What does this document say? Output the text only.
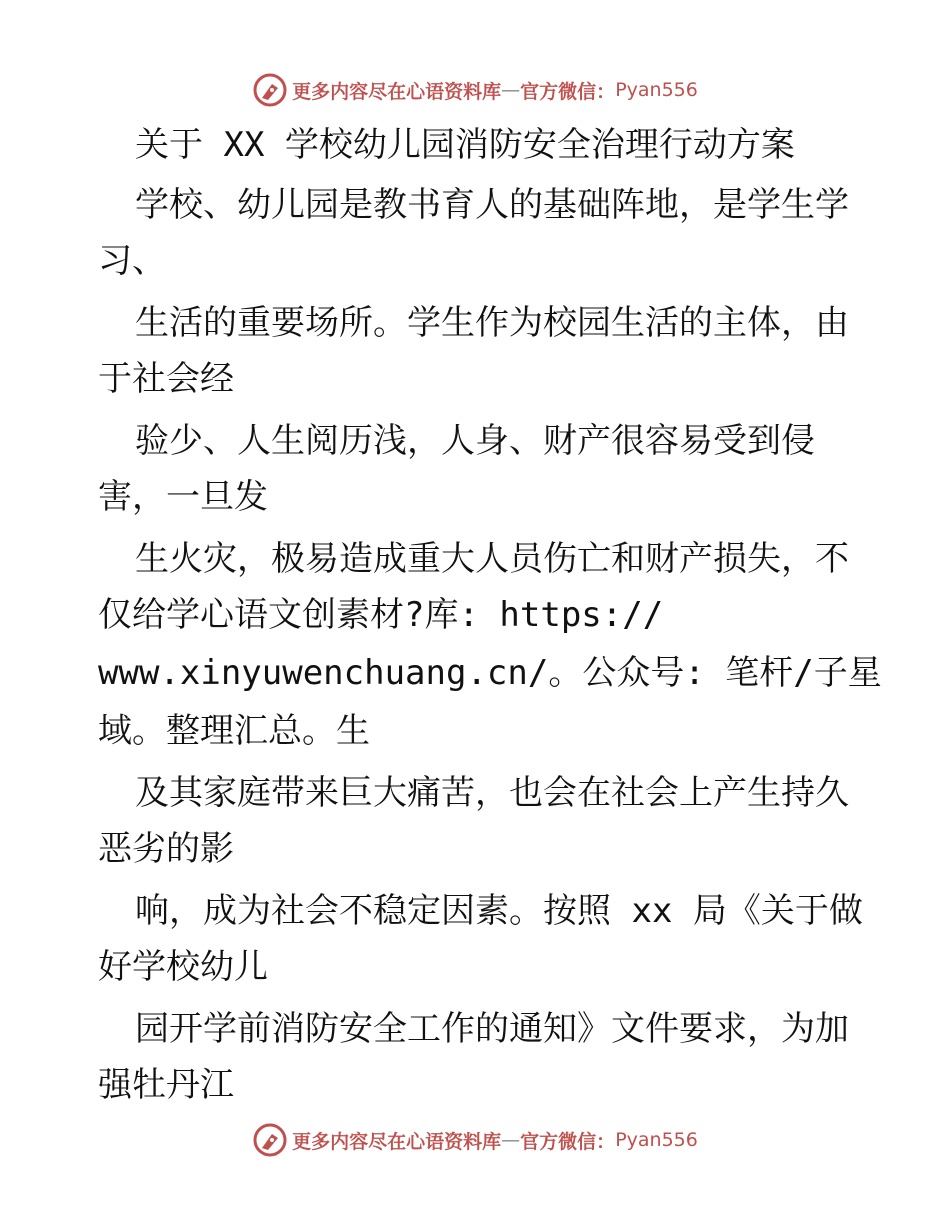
更多内容尽在心语资料库 — 官方微信： Pyan556
关于 XX 学校幼儿园消防安全治理行动方案
学校、幼儿园是教书育人的基础阵地，是学生学
习、
生活的重要场所。学生作为校园生活的主体，由
于社会经
验少、人生阅历浅，人身、财产很容易受到侵
害，一旦发
生火灾，极易造成重大人员伤亡和财产损失，不
仅给学心语文创素材?库: https://
www.xinyuwenchuang.cn/。公众号: 笔杆/子星
域。整理汇总。生
及其家庭带来巨大痛苦，也会在社会上产生持久
恶劣的影
响，成为社会不稳定因素。按照 xx 局《关于做
好学校幼儿
园开学前消防安全工作的通知》文件要求，为加
强牡丹江
更多内容尽在心语资料库 — 官方微信： Pyan556
